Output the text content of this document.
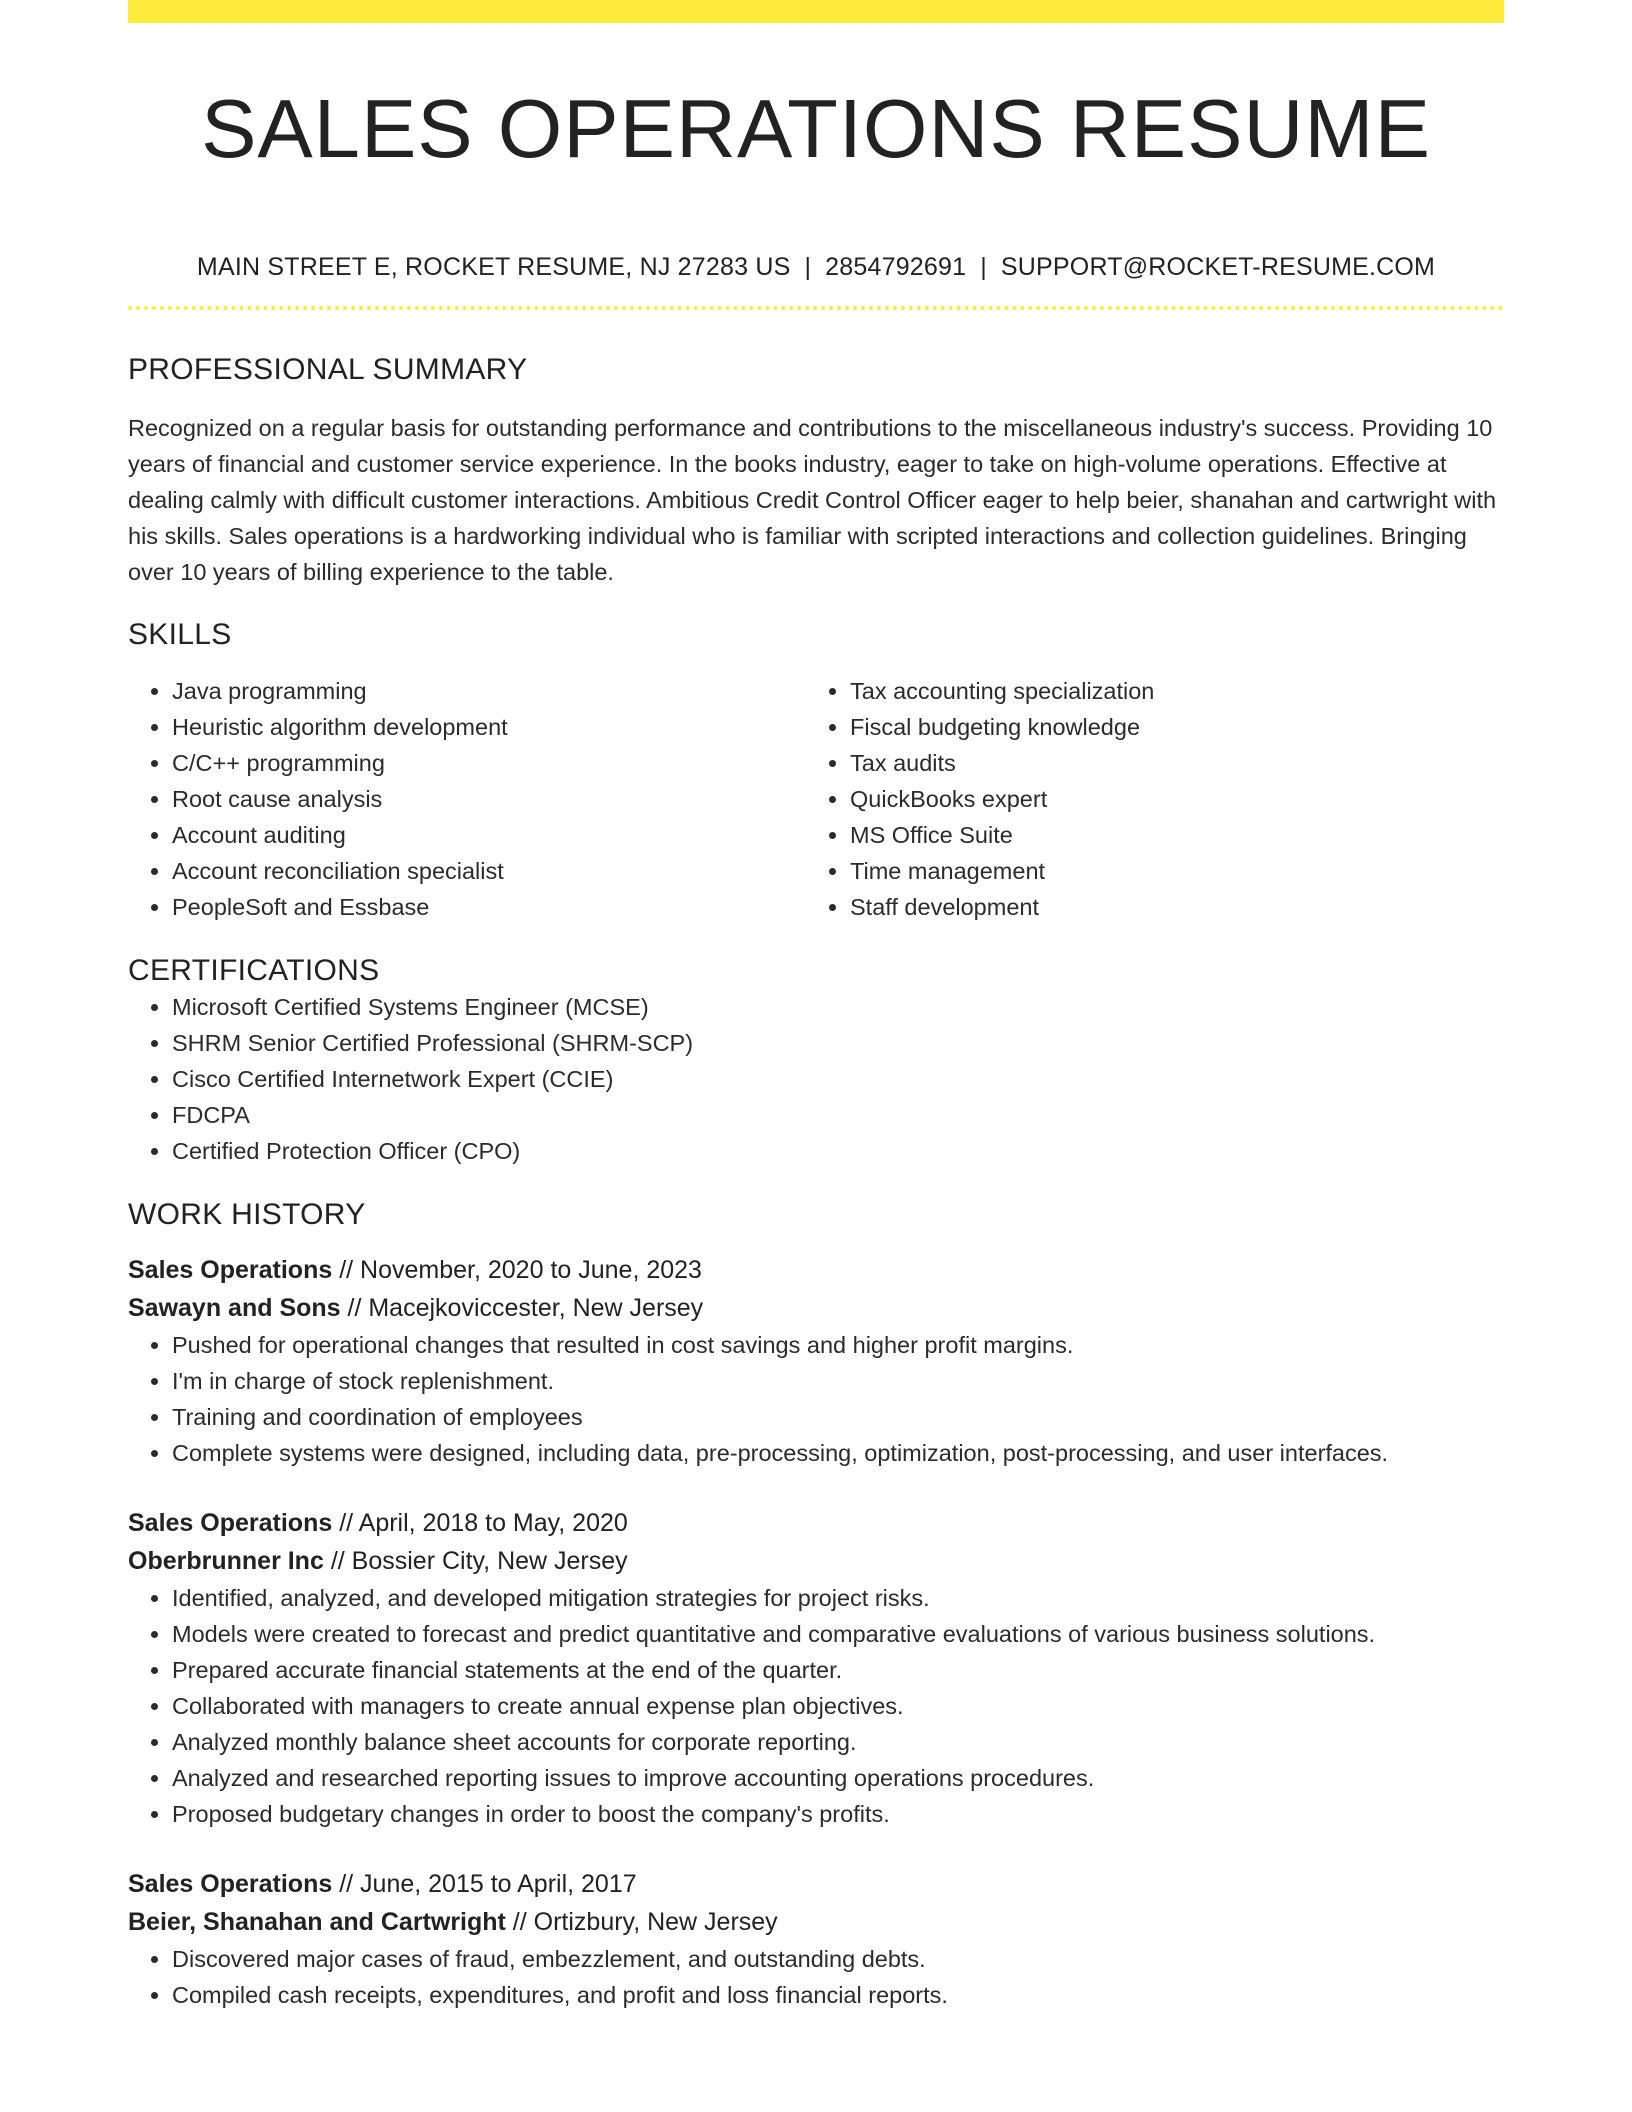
SALES OPERATIONS RESUME
MAIN STREET E, ROCKET RESUME, NJ 27283 US | 2854792691 | SUPPORT@ROCKET-RESUME.COM
PROFESSIONAL SUMMARY
Recognized on a regular basis for outstanding performance and contributions to the miscellaneous industry's success. Providing 10 years of financial and customer service experience. In the books industry, eager to take on high-volume operations. Effective at dealing calmly with difficult customer interactions. Ambitious Credit Control Officer eager to help beier, shanahan and cartwright with his skills. Sales operations is a hardworking individual who is familiar with scripted interactions and collection guidelines. Bringing over 10 years of billing experience to the table.
SKILLS
• Java programming
• Heuristic algorithm development
• C/C++ programming
• Root cause analysis
• Account auditing
• Account reconciliation specialist
• PeopleSoft and Essbase
• Tax accounting specialization
• Fiscal budgeting knowledge
• Tax audits
• QuickBooks expert
• MS Office Suite
• Time management
• Staff development
CERTIFICATIONS
• Microsoft Certified Systems Engineer (MCSE)
• SHRM Senior Certified Professional (SHRM-SCP)
• Cisco Certified Internetwork Expert (CCIE)
• FDCPA
• Certified Protection Officer (CPO)
WORK HISTORY
Sales Operations // November, 2020 to June, 2023
Sawayn and Sons // Macejkoviccester, New Jersey
• Pushed for operational changes that resulted in cost savings and higher profit margins.
• I'm in charge of stock replenishment.
• Training and coordination of employees
• Complete systems were designed, including data, pre-processing, optimization, post-processing, and user interfaces.
Sales Operations // April, 2018 to May, 2020
Oberbrunner Inc // Bossier City, New Jersey
• Identified, analyzed, and developed mitigation strategies for project risks.
• Models were created to forecast and predict quantitative and comparative evaluations of various business solutions.
• Prepared accurate financial statements at the end of the quarter.
• Collaborated with managers to create annual expense plan objectives.
• Analyzed monthly balance sheet accounts for corporate reporting.
• Analyzed and researched reporting issues to improve accounting operations procedures.
• Proposed budgetary changes in order to boost the company's profits.
Sales Operations // June, 2015 to April, 2017
Beier, Shanahan and Cartwright // Ortizbury, New Jersey
• Discovered major cases of fraud, embezzlement, and outstanding debts.
• Compiled cash receipts, expenditures, and profit and loss financial reports.
